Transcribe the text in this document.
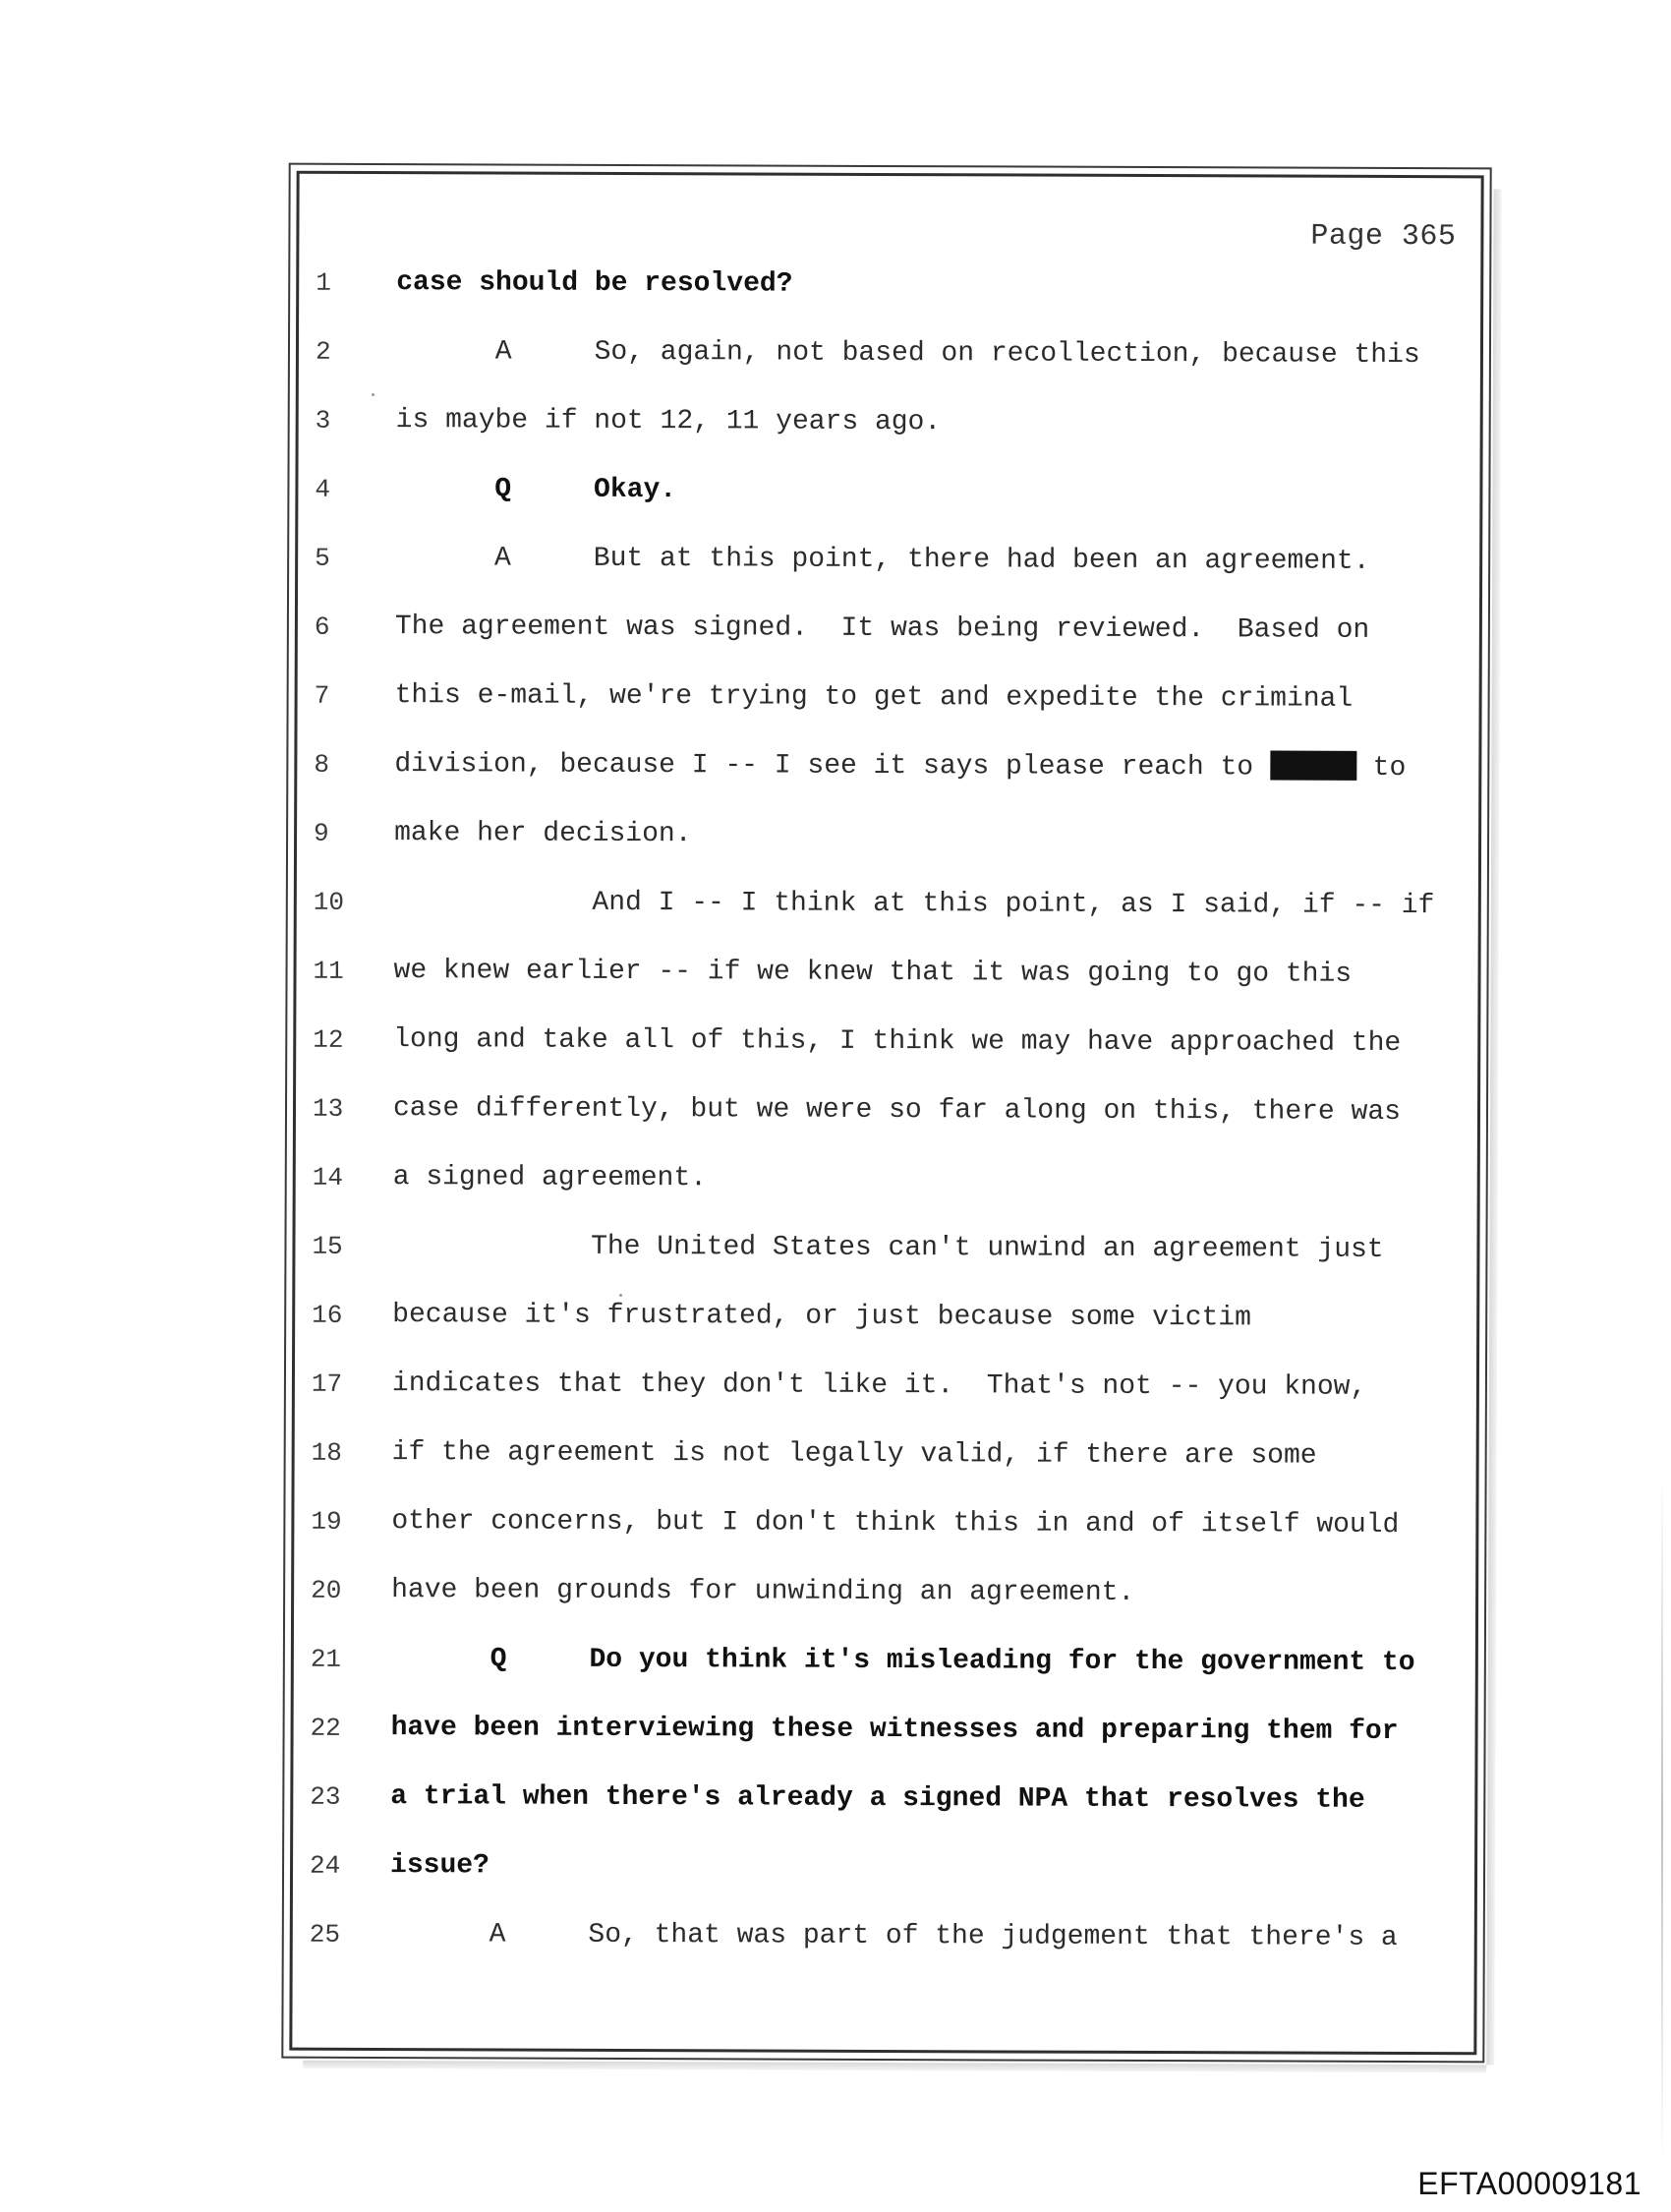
Page 365
1	case should be resolved?
2	A     So, again, not based on recollection, because this
3	is maybe if not 12, 11 years ago.
4	Q     Okay.
5	A     But at this point, there had been an agreement.
6	The agreement was signed.  It was being reviewed.  Based on
7	this e-mail, we're trying to get and expedite the criminal
8	division, because I -- I see it says please reach to	to
9	make her decision.
10	And I -- I think at this point, as I said, if -- if
11	we knew earlier -- if we knew that it was going to go this
12	long and take all of this, I think we may have approached the
13	case differently, but we were so far along on this, there was
14	a signed agreement.
15	The United States can't unwind an agreement just
16	because it's frustrated, or just because some victim
17	indicates that they don't like it.  That's not -- you know,
18	if the agreement is not legally valid, if there are some
19	other concerns, but I don't think this in and of itself would
20	have been grounds for unwinding an agreement.
21	Q     Do you think it's misleading for the government to
22	have been interviewing these witnesses and preparing them for
23	a trial when there's already a signed NPA that resolves the
24	issue?
25	A     So, that was part of the judgement that there's a
EFTA00009181
